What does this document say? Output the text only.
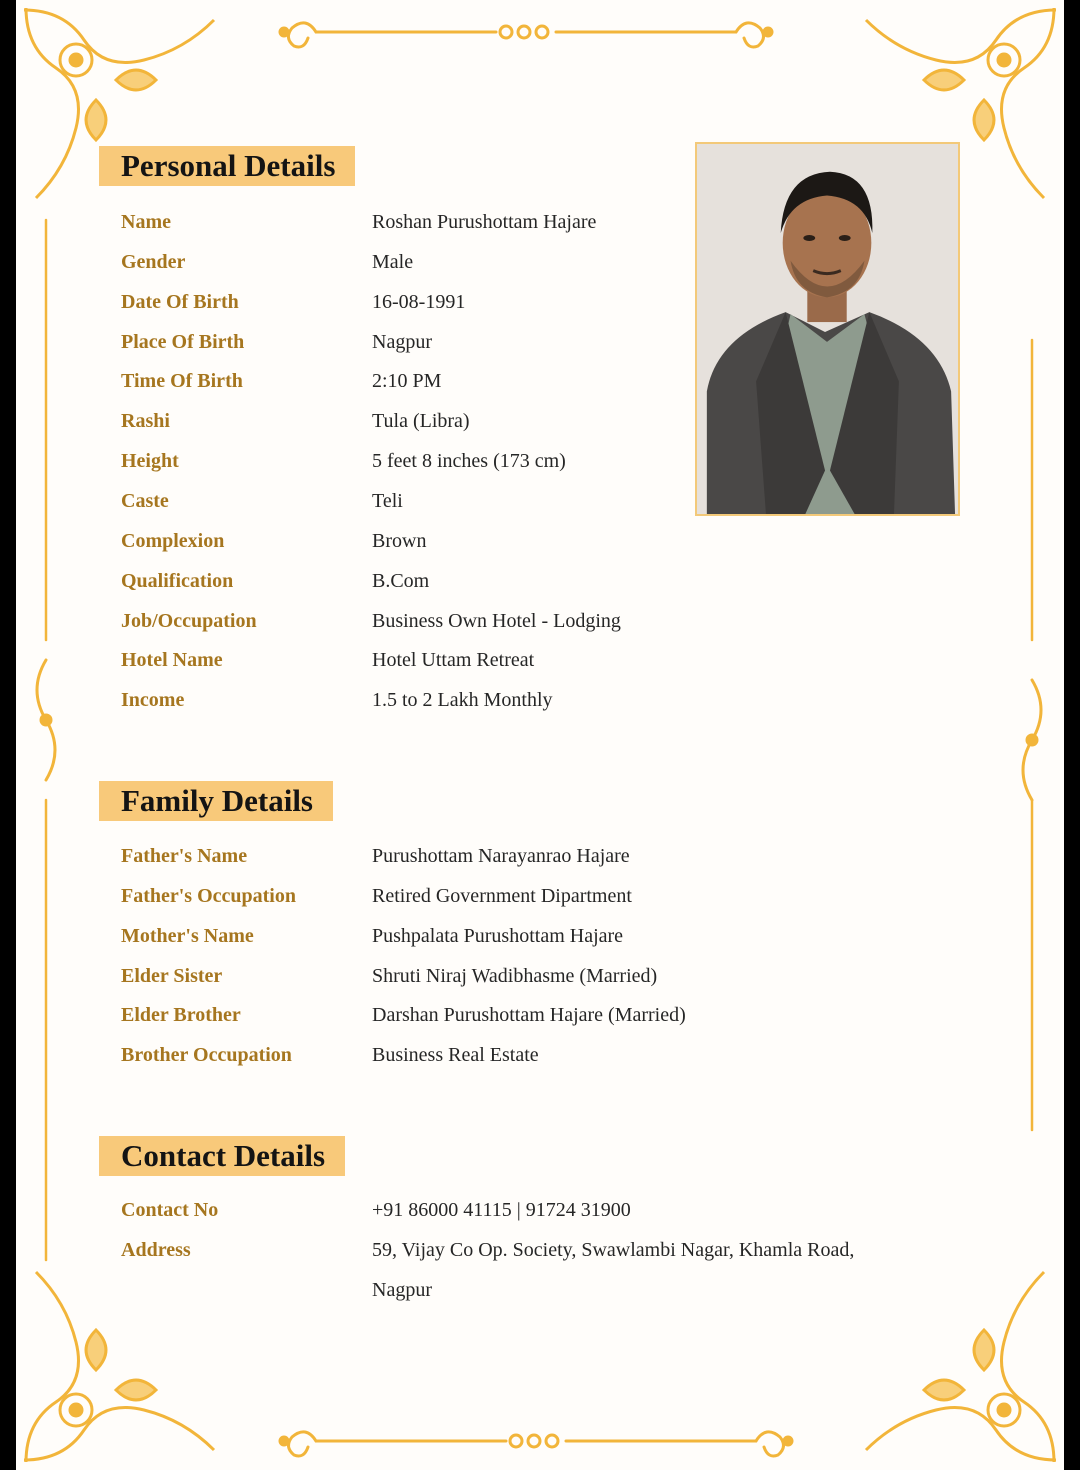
Personal Details
Name	Roshan Purushottam Hajare
Gender	Male
Date Of Birth	16-08-1991
Place Of Birth	Nagpur
Time Of Birth	2:10 PM
Rashi	Tula (Libra)
Height	5 feet 8 inches (173 cm)
Caste	Teli
Complexion	Brown
Qualification	B.Com
Job/Occupation	Business Own Hotel - Lodging
Hotel Name	Hotel Uttam Retreat
Income	1.5 to 2 Lakh Monthly
Family Details
Father's Name	Purushottam Narayanrao Hajare
Father's Occupation	Retired Government Dipartment
Mother's Name	Pushpalata Purushottam Hajare
Elder Sister	Shruti Niraj Wadibhasme (Married)
Elder Brother	Darshan Purushottam Hajare (Married)
Brother Occupation	Business Real Estate
Contact Details
Contact No	+91 86000 41115 | 91724 31900
Address	59, Vijay Co Op. Society, Swawlambi Nagar, Khamla Road,
Nagpur
